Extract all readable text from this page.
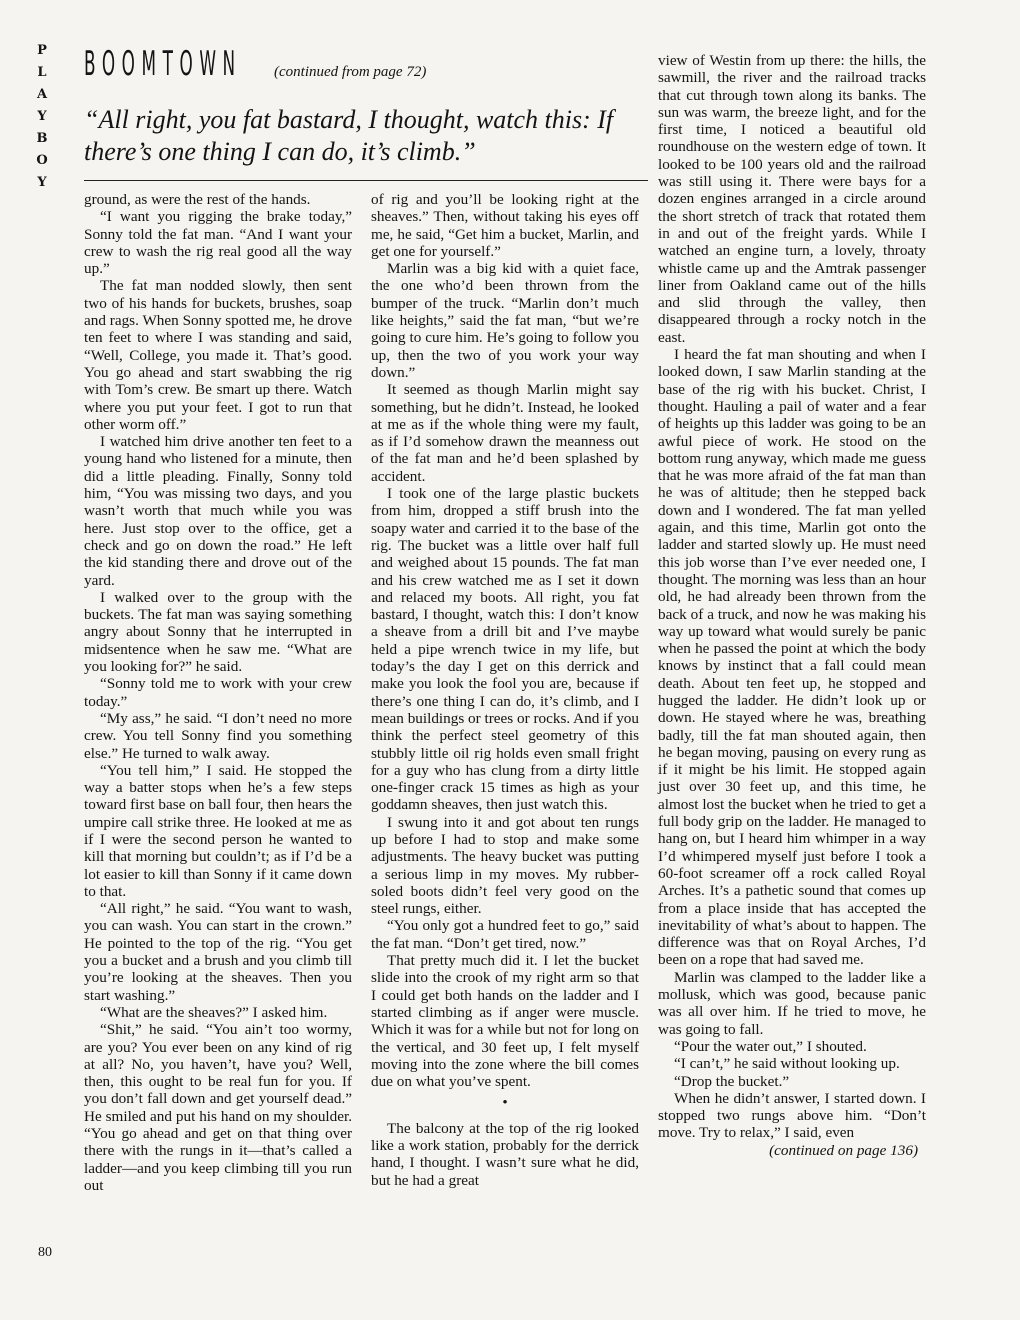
P
L
A
Y
B
O
Y
BOOMTOWN (continued from page 72)
“All right, you fat bastard, I thought, watch this: If there’s one thing I can do, it’s climb.”

ground, as were the rest of the hands.

“I want you rigging the brake today,” Sonny told the fat man. “And I want your crew to wash the rig real good all the way up.”

The fat man nodded slowly, then sent two of his hands for buckets, brushes, soap and rags. When Sonny spotted me, he drove ten feet to where I was standing and said, “Well, College, you made it. That’s good. You go ahead and start swabbing the rig with Tom’s crew. Be smart up there. Watch where you put your feet. I got to run that other worm off.”

I watched him drive another ten feet to a young hand who listened for a minute, then did a little pleading. Finally, Sonny told him, “You was missing two days, and you wasn’t worth that much while you was here. Just stop over to the office, get a check and go on down the road.” He left the kid standing there and drove out of the yard.

I walked over to the group with the buckets. The fat man was saying something angry about Sonny that he interrupted in midsentence when he saw me. “What are you looking for?” he said.

“Sonny told me to work with your crew today.”

“My ass,” he said. “I don’t need no more crew. You tell Sonny find you something else.” He turned to walk away.

“You tell him,” I said. He stopped the way a batter stops when he’s a few steps toward first base on ball four, then hears the umpire call strike three. He looked at me as if I were the second person he wanted to kill that morning but couldn’t; as if I’d be a lot easier to kill than Sonny if it came down to that.

“All right,” he said. “You want to wash, you can wash. You can start in the crown.” He pointed to the top of the rig. “You get you a bucket and a brush and you climb till you’re looking at the sheaves. Then you start washing.”

“What are the sheaves?” I asked him.

“Shit,” he said. “You ain’t too wormy, are you? You ever been on any kind of rig at all? No, you haven’t, have you? Well, then, this ought to be real fun for you. If you don’t fall down and get yourself dead.” He smiled and put his hand on my shoulder. “You go ahead and get on that thing over there with the rungs in it—that’s called a ladder—and you keep climbing till you run out

of rig and you’ll be looking right at the sheaves.” Then, without taking his eyes off me, he said, “Get him a bucket, Marlin, and get one for yourself.”

Marlin was a big kid with a quiet face, the one who’d been thrown from the bumper of the truck. “Marlin don’t much like heights,” said the fat man, “but we’re going to cure him. He’s going to follow you up, then the two of you work your way down.”

It seemed as though Marlin might say something, but he didn’t. Instead, he looked at me as if the whole thing were my fault, as if I’d somehow drawn the meanness out of the fat man and he’d been splashed by accident.

I took one of the large plastic buckets from him, dropped a stiff brush into the soapy water and carried it to the base of the rig. The bucket was a little over half full and weighed about 15 pounds. The fat man and his crew watched me as I set it down and relaced my boots. All right, you fat bastard, I thought, watch this: I don’t know a sheave from a drill bit and I’ve maybe held a pipe wrench twice in my life, but today’s the day I get on this derrick and make you look the fool you are, because if there’s one thing I can do, it’s climb, and I mean buildings or trees or rocks. And if you think the perfect steel geometry of this stubbly little oil rig holds even small fright for a guy who has clung from a dirty little one-finger crack 15 times as high as your goddamn sheaves, then just watch this.

I swung into it and got about ten rungs up before I had to stop and make some adjustments. The heavy bucket was putting a serious limp in my moves. My rubber-soled boots didn’t feel very good on the steel rungs, either.

“You only got a hundred feet to go,” said the fat man. “Don’t get tired, now.”

That pretty much did it. I let the bucket slide into the crook of my right arm so that I could get both hands on the ladder and I started climbing as if anger were muscle. Which it was for a while but not for long on the vertical, and 30 feet up, I felt myself moving into the zone where the bill comes due on what you’ve spent.

•

The balcony at the top of the rig looked like a work station, probably for the derrick hand, I thought. I wasn’t sure what he did, but he had a great

view of Westin from up there: the hills, the sawmill, the river and the railroad tracks that cut through town along its banks. The sun was warm, the breeze light, and for the first time, I noticed a beautiful old roundhouse on the western edge of town. It looked to be 100 years old and the railroad was still using it. There were bays for a dozen engines arranged in a circle around the short stretch of track that rotated them in and out of the freight yards. While I watched an engine turn, a lovely, throaty whistle came up and the Amtrak passenger liner from Oakland came out of the hills and slid through the valley, then disappeared through a rocky notch in the east.

I heard the fat man shouting and when I looked down, I saw Marlin standing at the base of the rig with his bucket. Christ, I thought. Hauling a pail of water and a fear of heights up this ladder was going to be an awful piece of work. He stood on the bottom rung anyway, which made me guess that he was more afraid of the fat man than he was of altitude; then he stepped back down and I wondered. The fat man yelled again, and this time, Marlin got onto the ladder and started slowly up. He must need this job worse than I’ve ever needed one, I thought. The morning was less than an hour old, he had already been thrown from the back of a truck, and now he was making his way up toward what would surely be panic when he passed the point at which the body knows by instinct that a fall could mean death. About ten feet up, he stopped and hugged the ladder. He didn’t look up or down. He stayed where he was, breathing badly, till the fat man shouted again, then he began moving, pausing on every rung as if it might be his limit. He stopped again just over 30 feet up, and this time, he almost lost the bucket when he tried to get a full body grip on the ladder. He managed to hang on, but I heard him whimper in a way I’d whimpered myself just before I took a 60-foot screamer off a rock called Royal Arches. It’s a pathetic sound that comes up from a place inside that has accepted the inevitability of what’s about to happen. The difference was that on Royal Arches, I’d been on a rope that had saved me.

Marlin was clamped to the ladder like a mollusk, which was good, because panic was all over him. If he tried to move, he was going to fall.

“Pour the water out,” I shouted.

“I can’t,” he said without looking up.

“Drop the bucket.”

When he didn’t answer, I started down. I stopped two rungs above him. “Don’t move. Try to relax,” I said, even

(continued on page 136)

80
